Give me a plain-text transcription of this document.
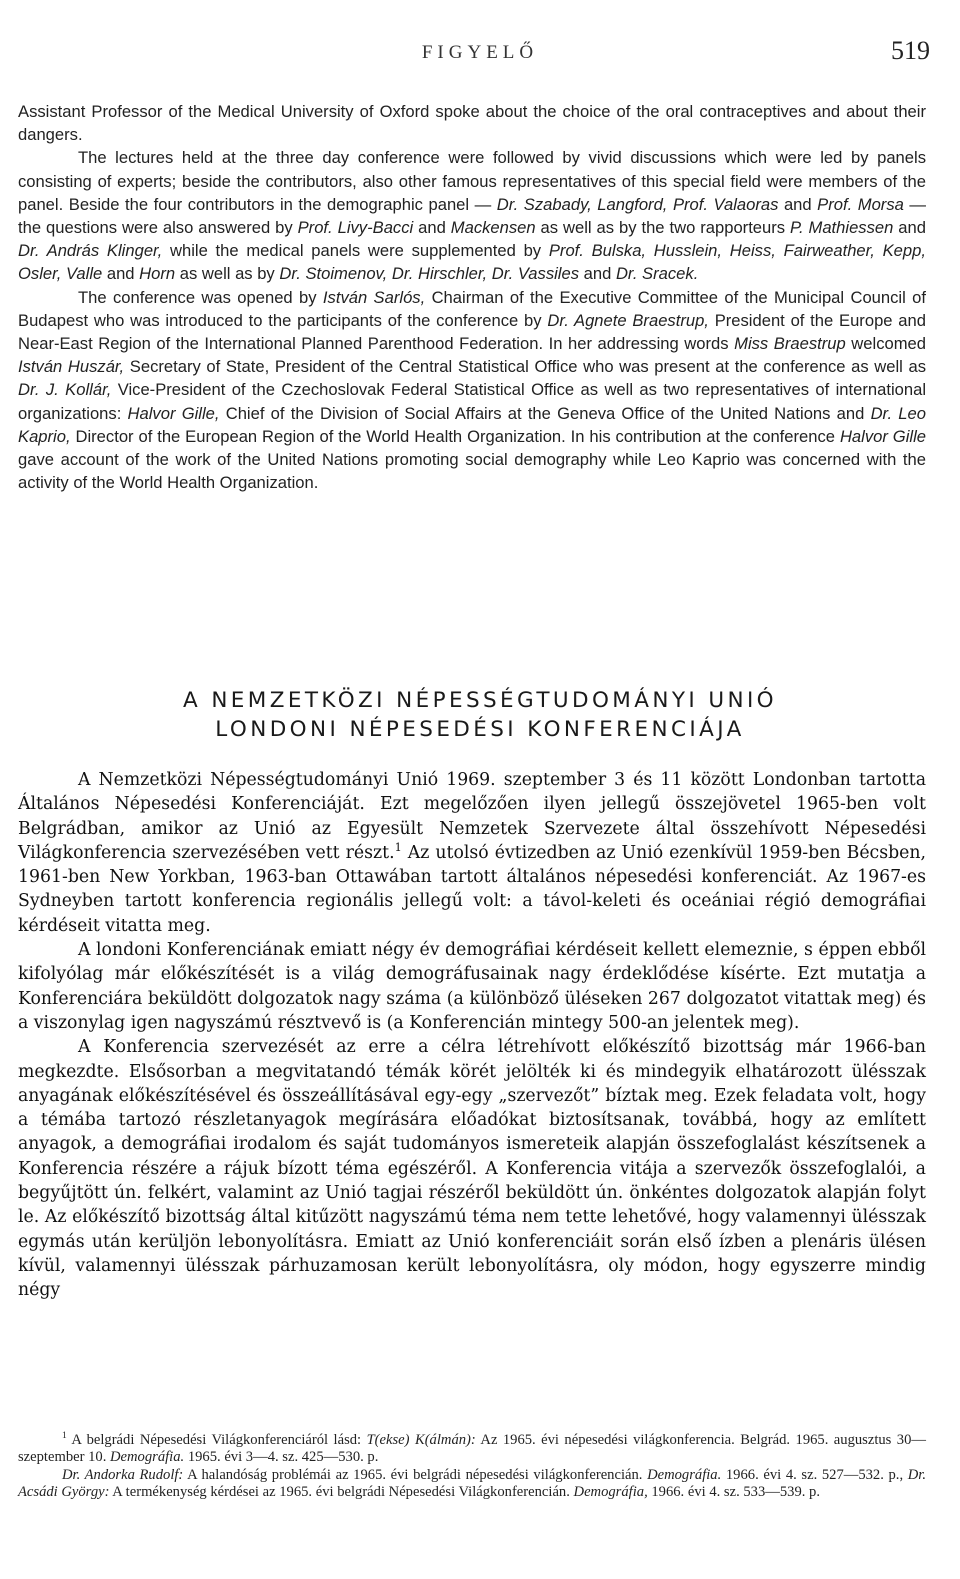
FIGYELŐ	519

Assistant Professor of the Medical University of Oxford spoke about the choice of the oral contraceptives and about their dangers.

The lectures held at the three day conference were followed by vivid discussions which were led by panels consisting of experts; beside the contributors, also other famous representatives of this special field were members of the panel. Beside the four contributors in the demographic panel — Dr. Szabady, Langford, Prof. Valaoras and Prof. Morsa — the questions were also answered by Prof. Livy-Bacci and Mackensen as well as by the two rapporteurs P. Mathiessen and Dr. András Klinger, while the medical panels were supplemented by Prof. Bulska, Husslein, Heiss, Fairweather, Kepp, Osler, Valle and Horn as well as by Dr. Stoimenov, Dr. Hirschler, Dr. Vassiles and Dr. Sracek.

The conference was opened by István Sarlós, Chairman of the Executive Committee of the Municipal Council of Budapest who was introduced to the participants of the conference by Dr. Agnete Braestrup, President of the Europe and Near-East Region of the International Planned Parenthood Federation. In her addressing words Miss Braestrup welcomed István Huszár, Secretary of State, President of the Central Statistical Office who was present at the conference as well as Dr. J. Kollár, Vice-President of the Czechoslovak Federal Statistical Office as well as two representatives of international organizations: Halvor Gille, Chief of the Division of Social Affairs at the Geneva Office of the United Nations and Dr. Leo Kaprio, Director of the European Region of the World Health Organization. In his contribution at the conference Halvor Gille gave account of the work of the United Nations promoting social demography while Leo Kaprio was concerned with the activity of the World Health Organization.

A NEMZETKÖZI NÉPESSÉGTUDOMÁNYI UNIÓ
LONDONI NÉPESEDÉSI KONFERENCIÁJA

A Nemzetközi Népességtudományi Unió 1969. szeptember 3 és 11 között Londonban tartotta Általános Népesedési Konferenciáját. Ezt megelőzően ilyen jellegű összejövetel 1965-ben volt Belgrádban, amikor az Unió az Egyesült Nemzetek Szervezete által összehívott Népesedési Világkonferencia szervezésében vett részt.$^1$ Az utolsó évtizedben az Unió ezenkívül 1959-ben Bécsben, 1961-ben New Yorkban, 1963-ban Ottawában tartott általános népesedési konferenciát. Az 1967-es Sydneyben tartott konferencia regionális jellegű volt: a távol-keleti és oceániai régió demográfiai kérdéseit vitatta meg.

A londoni Konferenciának emiatt négy év demográfiai kérdéseit kellett elemeznie, s éppen ebből kifolyólag már előkészítését is a világ demográfusainak nagy érdeklődése kísérte. Ezt mutatja a Konferenciára beküldött dolgozatok nagy száma (a különböző üléseken 267 dolgozatot vitattak meg) és a viszonylag igen nagyszámú résztvevő is (a Konferencián mintegy 500-an jelentek meg).

A Konferencia szervezését az erre a célra létrehívott előkészítő bizottság már 1966-ban megkezdte. Elsősorban a megvitatandó témák körét jelölték ki és mindegyik elhatározott ülésszak anyagának előkészítésével és összeállításával egy-egy „szervezőt” bíztak meg. Ezek feladata volt, hogy a témába tartozó részletanyagok megírására előadókat biztosítsanak, továbbá, hogy az említett anyagok, a demográfiai irodalom és saját tudományos ismereteik alapján összefoglalást készítsenek a Konferencia részére a rájuk bízott téma egészéről. A Konferencia vitája a szervezők összefoglalói, a begyűjtött ún. felkért, valamint az Unió tagjai részéről beküldött ún. önkéntes dolgozatok alapján folyt le. Az előkészítő bizottság által kitűzött nagyszámú téma nem tette lehetővé, hogy valamennyi ülésszak egymás után kerüljön lebonyolításra. Emiatt az Unió konferenciáit során első ízben a plenáris ülésen kívül, valamennyi ülésszak párhuzamosan került lebonyolításra, oly módon, hogy egyszerre mindig négy

$^1$ A belgrádi Népesedési Világkonferenciáról lásd: T(ekse) K(álmán): Az 1965. évi népesedési világkonferencia. Belgrád. 1965. augusztus 30—szeptember 10. Demográfia. 1965. évi 3—4. sz. 425—530. p.

Dr. Andorka Rudolf: A halandóság problémái az 1965. évi belgrádi népesedési világkonferencián. Demográfia. 1966. évi 4. sz. 527—532. p., Dr. Acsádi György: A termékenység kérdései az 1965. évi belgrádi Népesedési Világkonferencián. Demográfia, 1966. évi 4. sz. 533—539. p.
